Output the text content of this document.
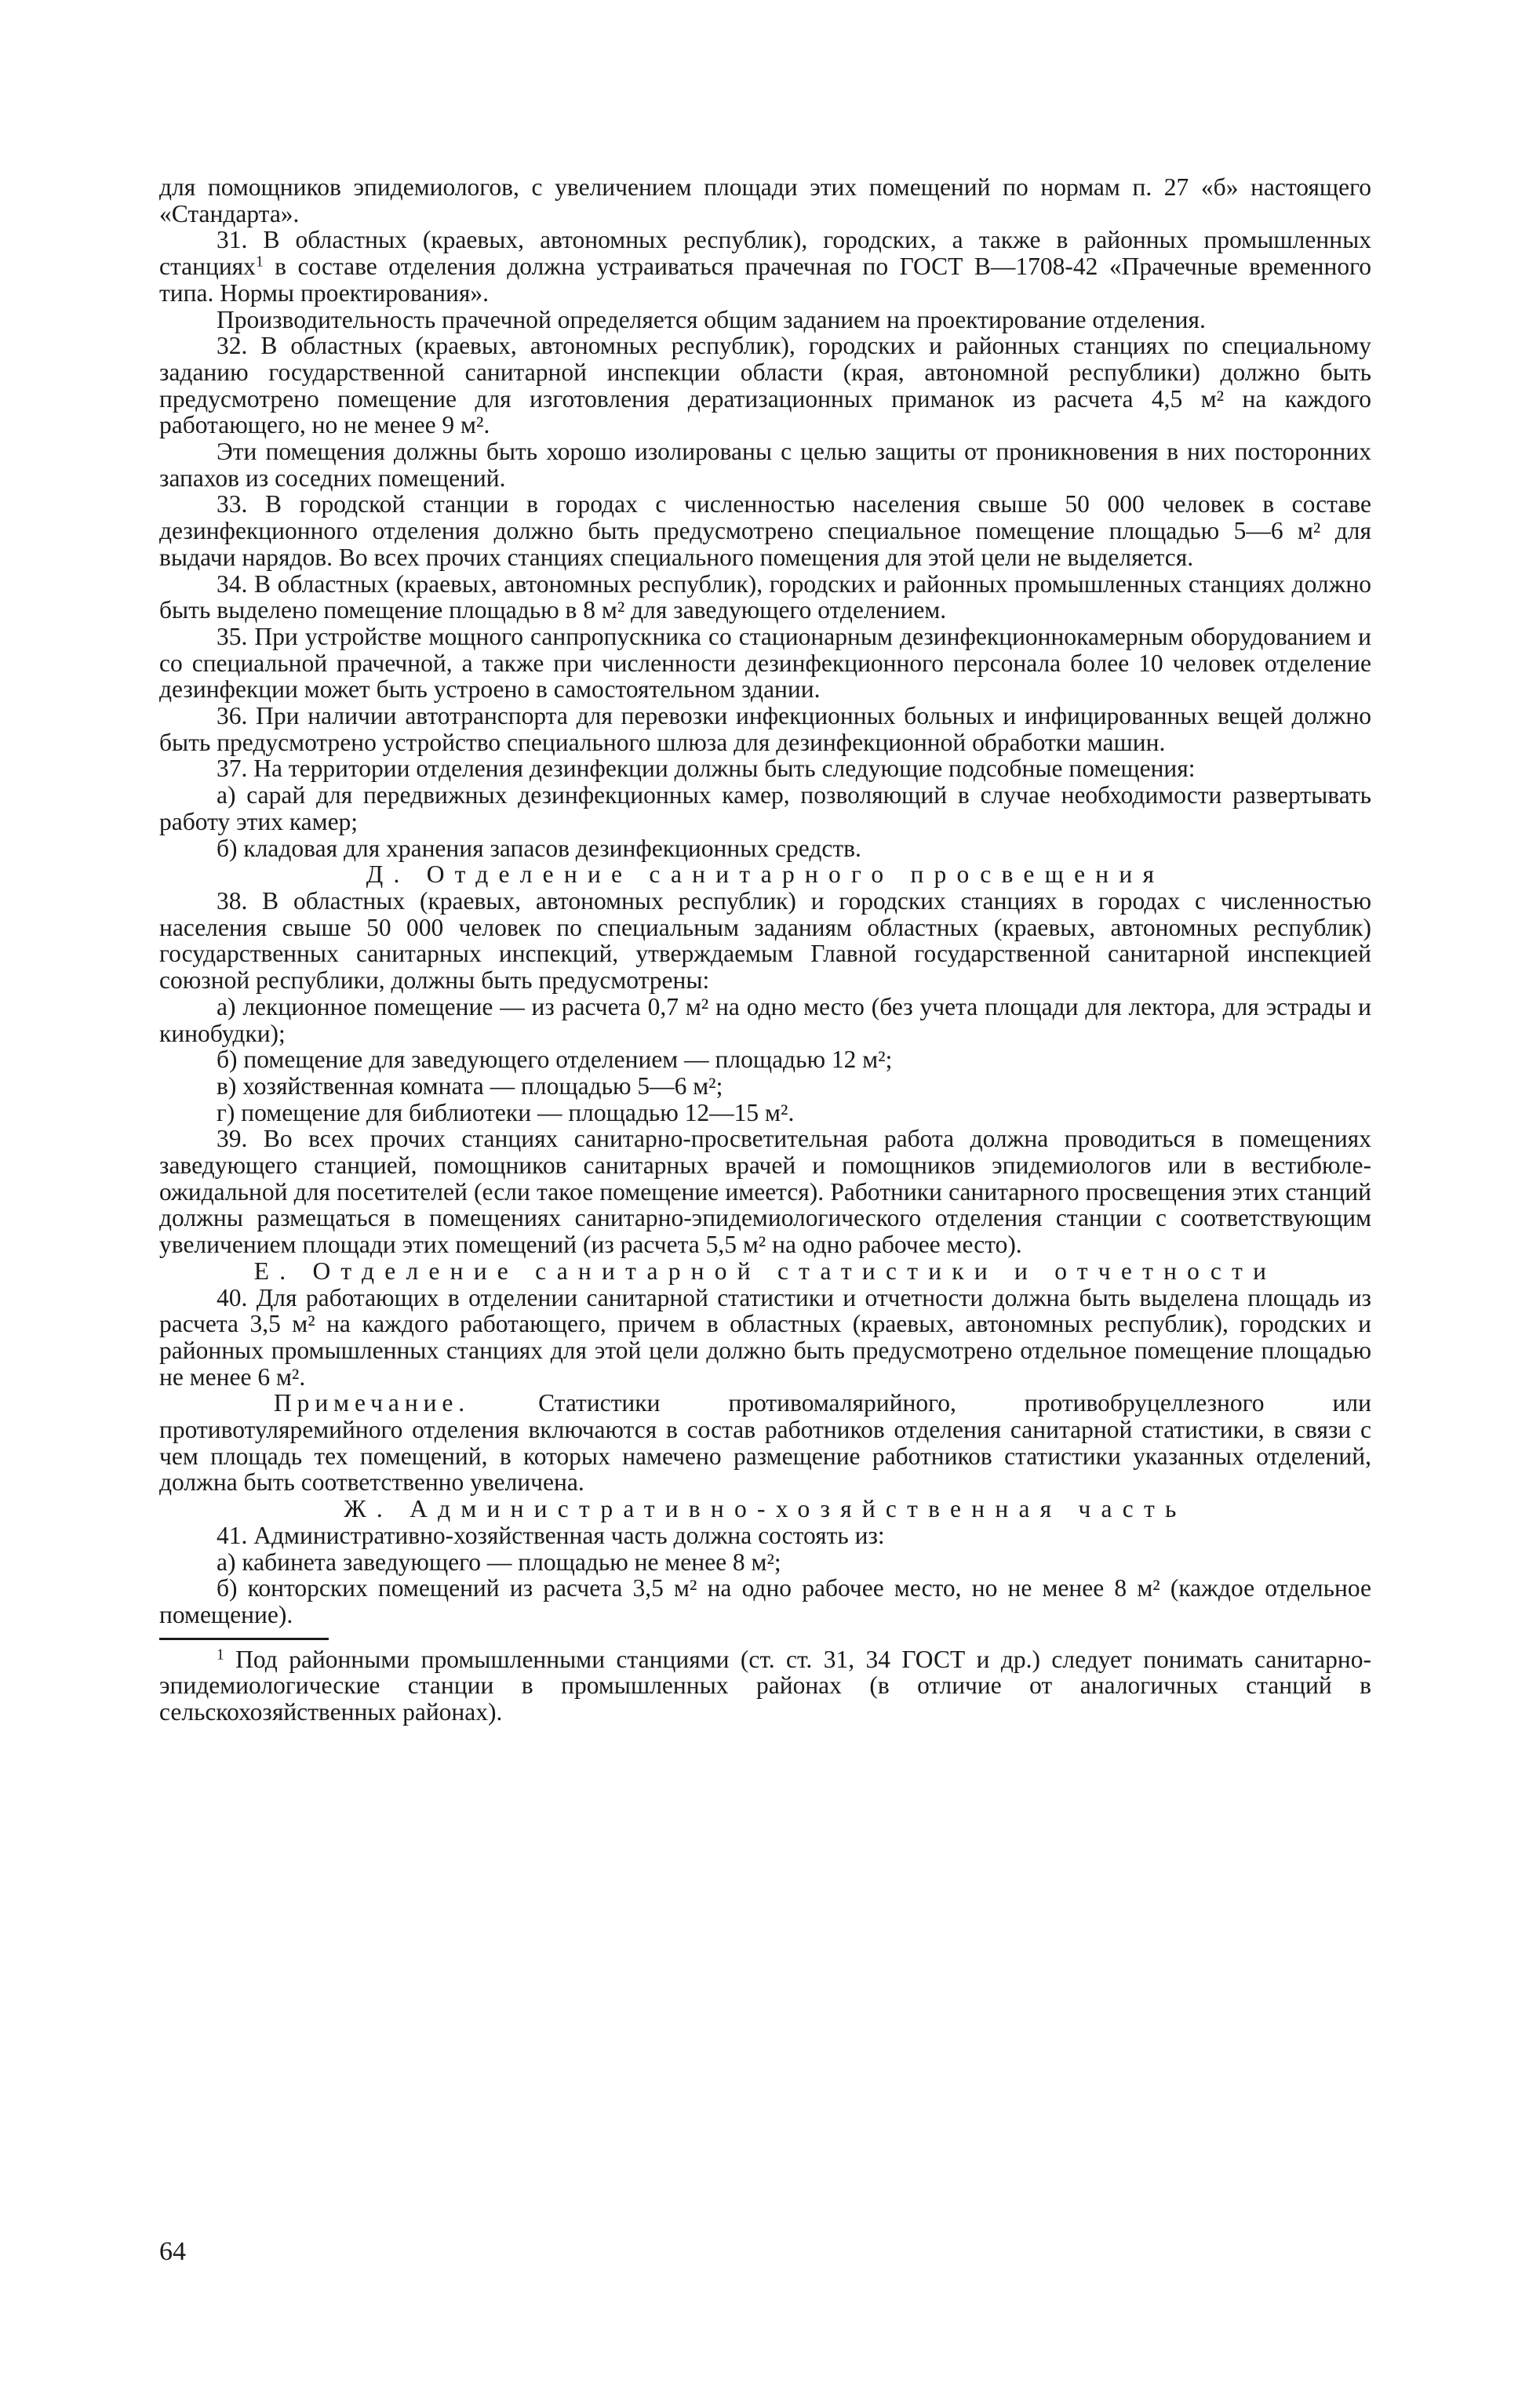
для помощников эпидемиологов, с увеличением площади этих помещений по нормам п. 27 «б» настоящего «Стандарта».

31. В областных (краевых, автономных республик), городских, а также в районных промышленных станциях$^1$ в составе отделения должна устраиваться прачечная по ГОСТ В—1708-42 «Прачечные временного типа. Нормы проектирования».

Производительность прачечной определяется общим заданием на проектирование отделения.

32. В областных (краевых, автономных республик), городских и районных станциях по специальному заданию государственной санитарной инспекции области (края, автономной республики) должно быть предусмотрено помещение для изготовления дератизационных приманок из расчета 4,5 м² на каждого работающего, но не менее 9 м².

Эти помещения должны быть хорошо изолированы с целью защиты от проникновения в них посторонних запахов из соседних помещений.

33. В городской станции в городах с численностью населения свыше 50 000 человек в составе дезинфекционного отделения должно быть предусмотрено специальное помещение площадью 5—6 м² для выдачи нарядов. Во всех прочих станциях специального помещения для этой цели не выделяется.

34. В областных (краевых, автономных республик), городских и районных промышленных станциях должно быть выделено помещение площадью в 8 м² для заведующего отделением.

35. При устройстве мощного санпропускника со стационарным дезинфекционнокамерным оборудованием и со специальной прачечной, а также при численности дезинфекционного персонала более 10 человек отделение дезинфекции может быть устроено в самостоятельном здании.

36. При наличии автотранспорта для перевозки инфекционных больных и инфицированных вещей должно быть предусмотрено устройство специального шлюза для дезинфекционной обработки машин.

37. На территории отделения дезинфекции должны быть следующие подсобные помещения:

а) сарай для передвижных дезинфекционных камер, позволяющий в случае необходимости развертывать работу этих камер;

б) кладовая для хранения запасов дезинфекционных средств.

Д. Отделение санитарного просвещения

38. В областных (краевых, автономных республик) и городских станциях в городах с численностью населения свыше 50 000 человек по специальным заданиям областных (краевых, автономных республик) государственных санитарных инспекций, утверждаемым Главной государственной санитарной инспекцией союзной республики, должны быть предусмотрены:

а) лекционное помещение — из расчета 0,7 м² на одно место (без учета площади для лектора, для эстрады и кинобудки);

б) помещение для заведующего отделением — площадью 12 м²;

в) хозяйственная комната — площадью 5—6 м²;

г) помещение для библиотеки — площадью 12—15 м².

39. Во всех прочих станциях санитарно-просветительная работа должна проводиться в помещениях заведующего станцией, помощников санитарных врачей и помощников эпидемиологов или в вестибюле-ожидальной для посетителей (если такое помещение имеется). Работники санитарного просвещения этих станций должны размещаться в помещениях санитарно-эпидемиологического отделения станции с соответствующим увеличением площади этих помещений (из расчета 5,5 м² на одно рабочее место).

Е. Отделение санитарной статистики и отчетности

40. Для работающих в отделении санитарной статистики и отчетности должна быть выделена площадь из расчета 3,5 м² на каждого работающего, причем в областных (краевых, автономных республик), городских и районных промышленных станциях для этой цели должно быть предусмотрено отдельное помещение площадью не менее 6 м².

Примечание. Статистики противомалярийного, противобруцеллезного или противотуляремийного отделения включаются в состав работников отделения санитарной статистики, в связи с чем площадь тех помещений, в которых намечено размещение работников статистики указанных отделений, должна быть соответственно увеличена.

Ж. Административно-хозяйственная часть

41. Административно-хозяйственная часть должна состоять из:

а) кабинета заведующего — площадью не менее 8 м²;

б) конторских помещений из расчета 3,5 м² на одно рабочее место, но не менее 8 м² (каждое отдельное помещение).

$^1$ Под районными промышленными станциями (ст. ст. 31, 34 ГОСТ и др.) следует понимать санитарно-эпидемиологические станции в промышленных районах (в отличие от аналогичных станций в сельскохозяйственных районах).

64
